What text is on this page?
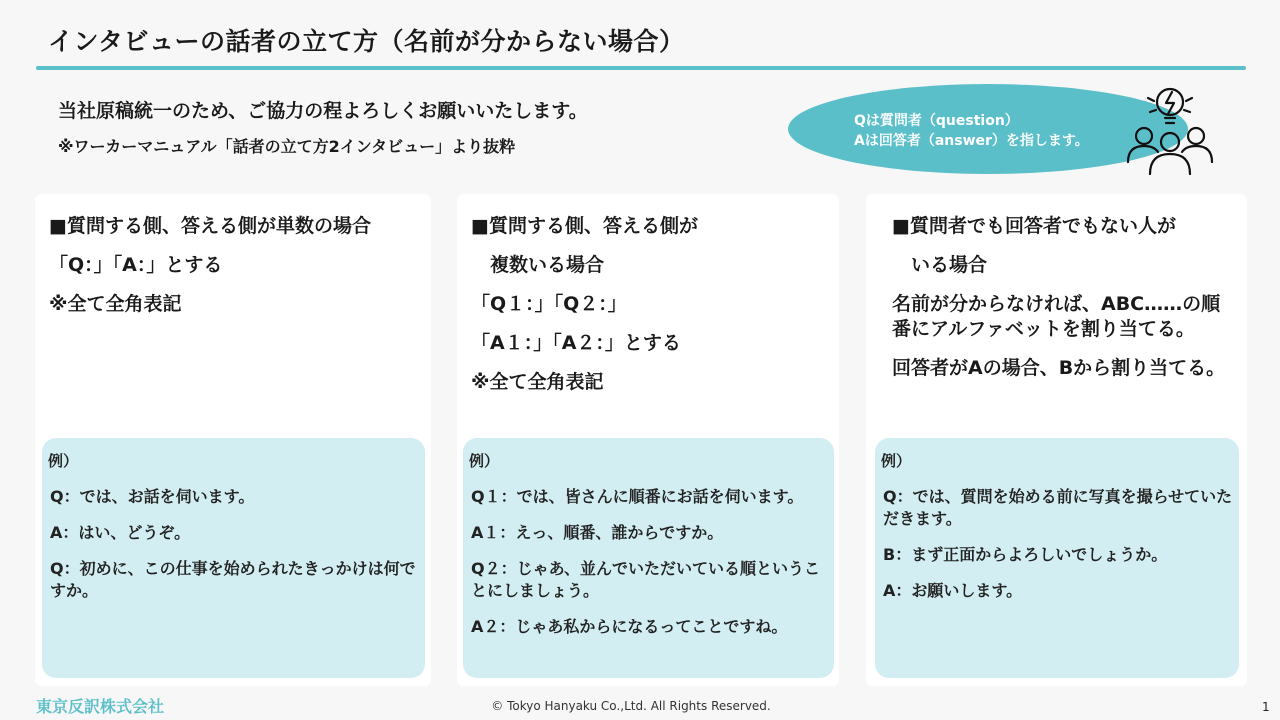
インタビューの話者の立て方（名前が分からない場合）
当社原稿統一のため、ご協力の程よろしくお願いいたします。
※ワーカーマニュアル「話者の立て方2インタビュー」より抜粋
Qは質問者（question）
Aは回答者（answer）を指します。

■質問する側、答える側が単数の場合

「Q：」「A：」とする

※全て全角表記

例）

Q：では、お話を伺います。

A：はい、どうぞ。

Q：初めに、この仕事を始められたきっかけは何ですか。

■質問する側、答える側が

　複数いる場合

「Q１：」「Q２：」

「A１：」「A２：」とする

※全て全角表記

例）

Q１：では、皆さんに順番にお話を伺います。

A１：えっ、順番、誰からですか。

Q２：じゃあ、並んでいただいている順ということにしましょう。

A２：じゃあ私からになるってことですね。

■質問者でも回答者でもない人が

　いる場合

名前が分からなければ、ABC……の順番にアルファベットを割り当てる。

回答者がAの場合、Bから割り当てる。

例）

Q：では、質問を始める前に写真を撮らせていただきます。

B：まず正面からよろしいでしょうか。

A：お願いします。

東京反訳株式会社	© Tokyo Hanyaku Co.,Ltd. All Rights Reserved.	1
